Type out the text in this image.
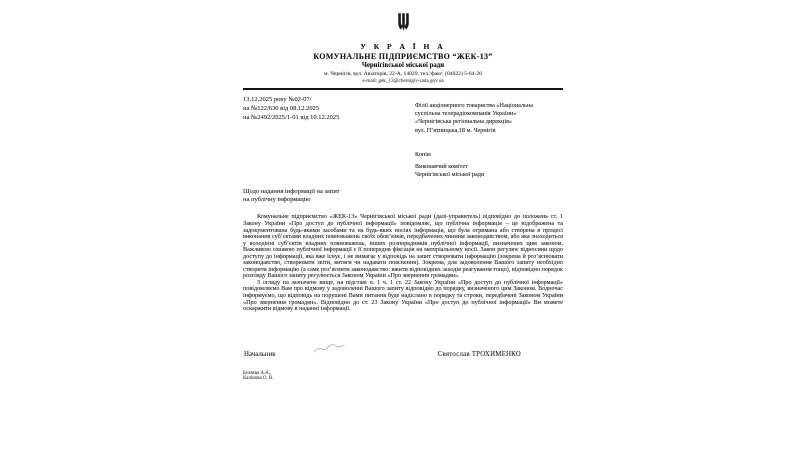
У К Р А Ї Н А
КОМУНАЛЬНЕ ПІДПРИЄМСТВО “ЖЕК-13”
Чернігівської міської ради
м. Чернігів, вул. Авіаторів, 22-А, 14029, тел./факс: (04622) 5-64-26
e-mail: gek_13@chernigiv-rada.gov.ua
13.12.2025 року №02-07/
на №122/630 від 08.12.2025
на №2492/2025/1-01 від 10.12.2025
Філії акціонерного товариства «Національна
суспільна телерадіокомпанія України»
«Чернігівська регіональна дирекція»
вул. П’ятницька,18 м. Чернігів
Копія:
Виконавчий комітет
Чернігівської міської ради
Щодо надання інформації на запит
на публічну інформацію

Комунальне підприємство «ЖЕК-13» Чернігівської міської ради (далі-управитель) відповідно до положень ст. 1 Закону України «Про доступ до публічної інформації» повідомляє, що публічна інформація – це відображена та задокументована будь-якими засобами та на будь-яких носіях інформація, що була отримана або створена в процесі виконання суб’єктами владних повноважень своїх обов’язків, передбачених чинним законодавством, або яка знаходиться у володінні суб’єктів владних повноважень, інших розпорядників публічної інформації, визначених цим законом. Важливою ознакою публічної інформації є її попередня фіксація на матеріальному носії. Закон регулює відносини щодо доступу до інформації, яка вже існує, і не вимагає у відповідь на запит створювати інформацію (зокрема й роз’яснювати законодавство, створювати звіти, витяги чи надавати пояснення). Зокрема, для задоволення Вашого запиту необхідно створити інформацію (а саме роз’яснити законодавство: вжити відповідних заходів реагування тощо), відповідно порядок розгляду Вашого запиту регулюється Законом України «Про звернення громадян».

З огляду на зазначене вище, на підставі п. 1 ч. 1 ст. 22 Закону України «Про доступ до публічної інформації» повідомляємо Вам про відмову у задоволенні Вашого запиту відповідно до порядку, визначеного цим Законом. Водночас інформуємо, що відповідь на порушені Вами питання буде надіслано в порядку та строки, передбачені Законом України «Про звернення громадян». Відповідно до ст. 23 Закону України «Про доступ до публічної інформації» Ви можете оскаржити відмову в наданні інформації.

Начальник	Святослав ТРОХИМЕНКО
Бєляєва А.А.,
Калінова О. В.
